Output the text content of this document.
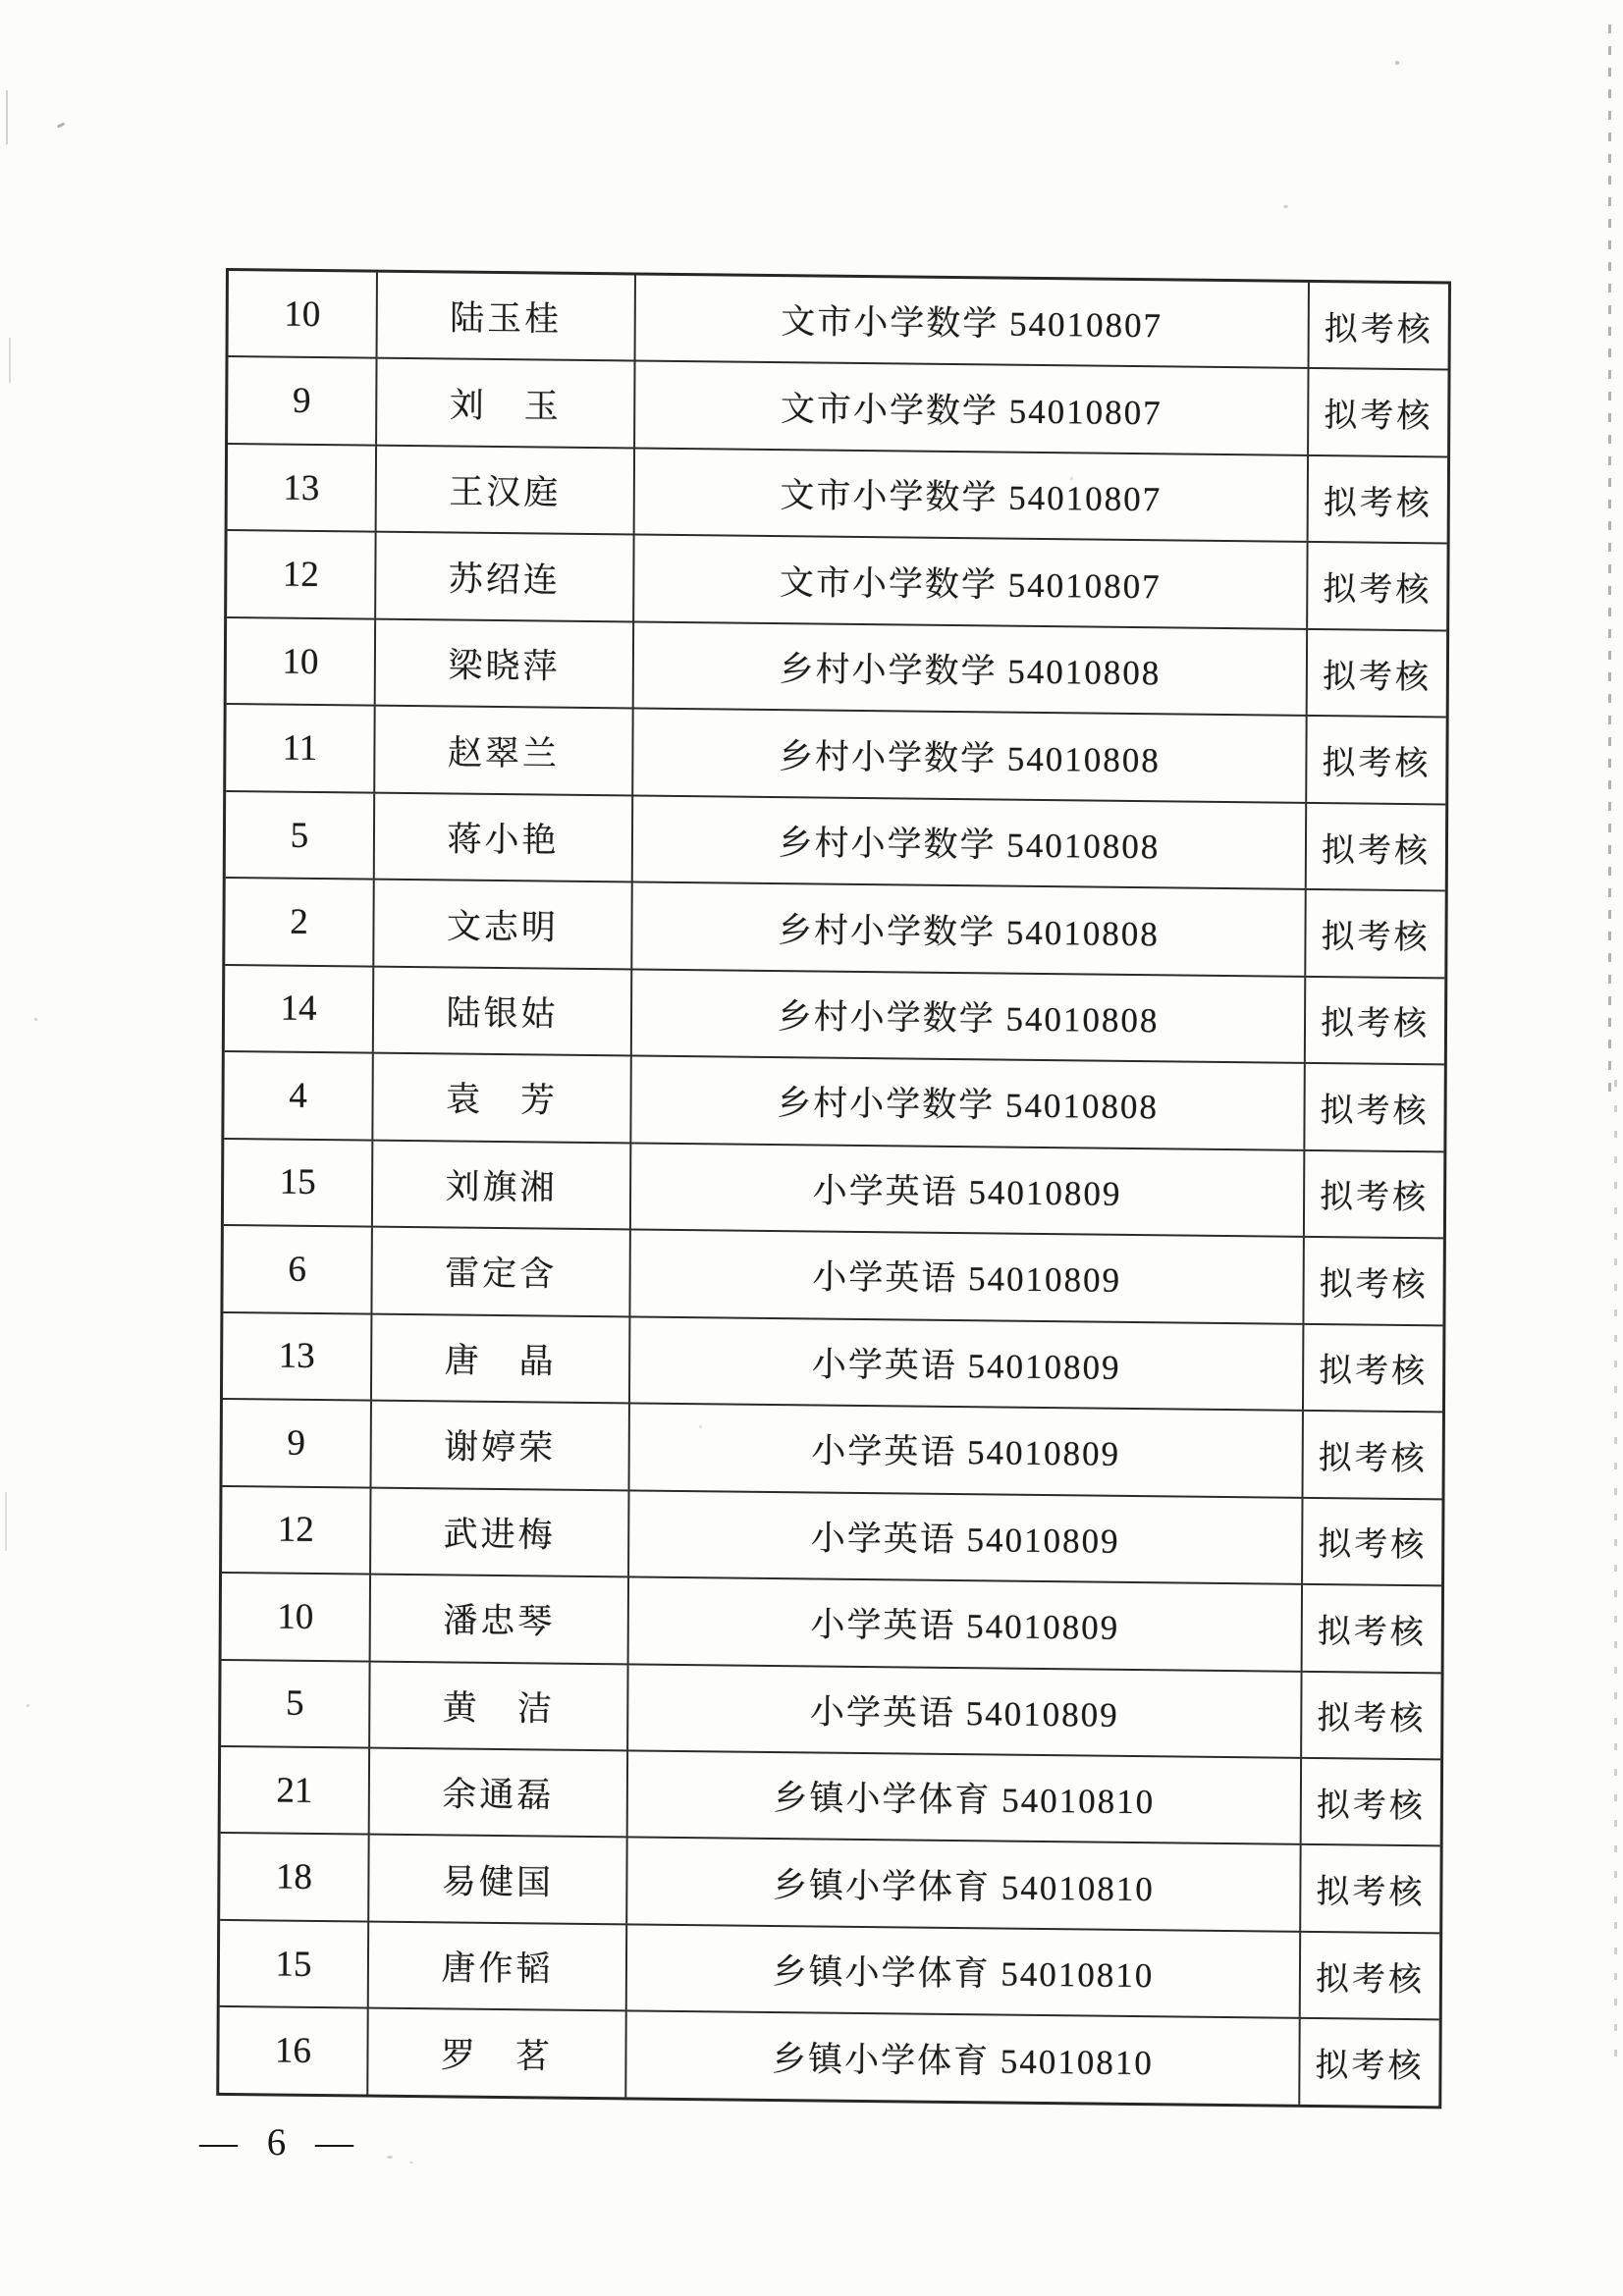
10	陆玉桂	文市小学数学 54010807	拟考核
9	刘　玉	文市小学数学 54010807	拟考核
13	王汉庭	文市小学数学 54010807	拟考核
12	苏绍连	文市小学数学 54010807	拟考核
10	梁晓萍	乡村小学数学 54010808	拟考核
11	赵翠兰	乡村小学数学 54010808	拟考核
5	蒋小艳	乡村小学数学 54010808	拟考核
2	文志明	乡村小学数学 54010808	拟考核
14	陆银姑	乡村小学数学 54010808	拟考核
4	袁　芳	乡村小学数学 54010808	拟考核
15	刘旗湘	小学英语 54010809	拟考核
6	雷定含	小学英语 54010809	拟考核
13	唐　晶	小学英语 54010809	拟考核
9	谢婷荣	小学英语 54010809	拟考核
12	武进梅	小学英语 54010809	拟考核
10	潘忠琴	小学英语 54010809	拟考核
5	黄　洁	小学英语 54010809	拟考核
21	余通磊	乡镇小学体育 54010810	拟考核
18	易健国	乡镇小学体育 54010810	拟考核
15	唐作韬	乡镇小学体育 54010810	拟考核
16	罗　茗	乡镇小学体育 54010810	拟考核
— 6 —
